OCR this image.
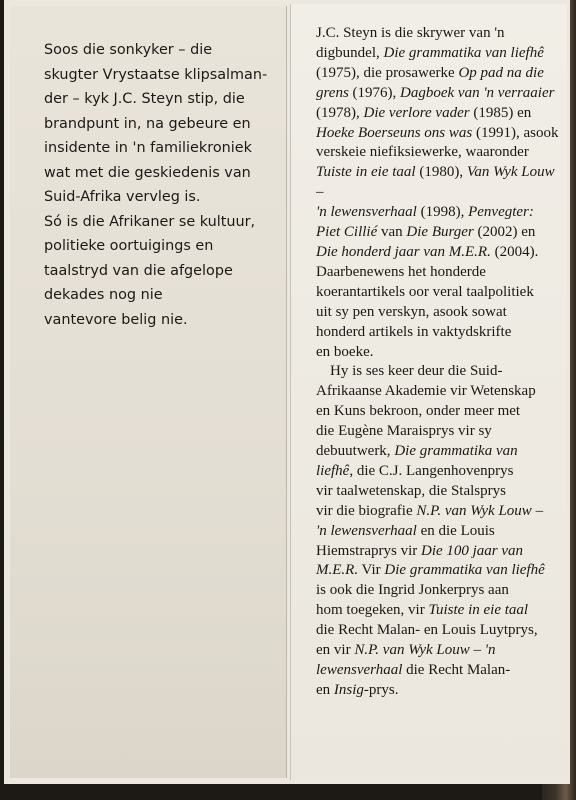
Soos die sonkyker – die

skugter Vrystaatse klipsalman-

der – kyk J.C. Steyn stip, die

brandpunt in, na gebeure en

insidente in 'n familiekroniek

wat met die geskiedenis van

Suid-Afrika vervleg is.

Só is die Afrikaner se kultuur,

politieke oortuigings en

taalstryd van die afgelope

dekades nog nie

vantevore belig nie.

J.C. Steyn is die skrywer van 'n

digbundel, Die grammatika van liefhê

(1975), die prosawerke Op pad na die

grens (1976), Dagboek van 'n verraaier

(1978), Die verlore vader (1985) en

Hoeke Boerseuns ons was (1991), asook

verskeie niefiksiewerke, waaronder

Tuiste in eie taal (1980), Van Wyk Louw –

'n lewensverhaal (1998), Penvegter:

Piet Cillié van Die Burger (2002) en

Die honderd jaar van M.E.R. (2004).

Daarbenewens het honderde

koerantartikels oor veral taalpolitiek

uit sy pen verskyn, asook sowat

honderd artikels in vaktydskrifte

en boeke.

Hy is ses keer deur die Suid-

Afrikaanse Akademie vir Wetenskap

en Kuns bekroon, onder meer met

die Eugène Maraisprys vir sy

debuutwerk, Die grammatika van

liefhê, die C.J. Langenhovenprys

vir taalwetenskap, die Stalsprys

vir die biografie N.P. van Wyk Louw –

'n lewensverhaal en die Louis

Hiemstraprys vir Die 100 jaar van

M.E.R. Vir Die grammatika van liefhê

is ook die Ingrid Jonkerprys aan

hom toegeken, vir Tuiste in eie taal

die Recht Malan- en Louis Luytprys,

en vir N.P. van Wyk Louw – 'n

lewensverhaal die Recht Malan-

en Insig-prys.
